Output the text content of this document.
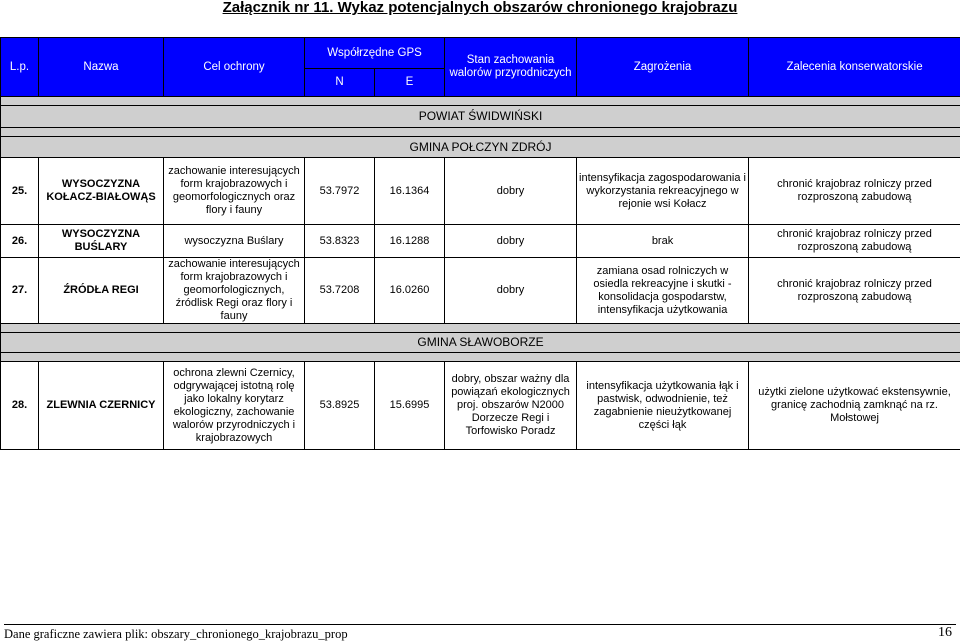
Załącznik nr 11. Wykaz potencjalnych obszarów chronionego krajobrazu
L.p.	Nazwa	Cel ochrony	Współrzędne GPS		Stan zachowania walorów przyrodniczych	Zagrożenia	Zalecenia konserwatorskie
			N	E			

POWIAT ŚWIDWIŃSKI							

GMINA POŁCZYN ZDRÓJ							
25.	WYSOCZYZNA KOŁACZ-BIAŁOWĄS	zachowanie interesujących form krajobrazowych i geomorfologicznych oraz flory i fauny	53.7972	16.1364	dobry	intensyfikacja zagospodarowania i wykorzystania rekreacyjnego w rejonie wsi Kołacz	chronić krajobraz rolniczy przed rozproszoną zabudową
26.	WYSOCZYZNA BUŚLARY	wysoczyzna Buślary	53.8323	16.1288	dobry	brak	chronić krajobraz rolniczy przed rozproszoną zabudową
27.	ŹRÓDŁA REGI	zachowanie interesujących form krajobrazowych i geomorfologicznych, źródlisk Regi oraz flory i fauny	53.7208	16.0260	dobry	zamiana osad rolniczych w osiedla rekreacyjne i skutki - konsolidacja gospodarstw, intensyfikacja użytkowania	chronić krajobraz rolniczy przed rozproszoną zabudową

GMINA SŁAWOBORZE							

28.	ZLEWNIA CZERNICY	ochrona zlewni Czernicy, odgrywającej istotną rolę jako lokalny korytarz ekologiczny, zachowanie walorów przyrodniczych i krajobrazowych	53.8925	15.6995	dobry, obszar ważny dla powiązań ekologicznych proj. obszarów N2000 Dorzecze Regi i Torfowisko Poradz	intensyfikacja użytkowania łąk i pastwisk, odwodnienie, też zagabnienie nieużytkowanej części łąk	użytki zielone użytkować ekstensywnie, granicę zachodnią zamknąć na rz. Mołstowej
Dane graficzne zawiera plik: obszary_chronionego_krajobrazu_prop	16
